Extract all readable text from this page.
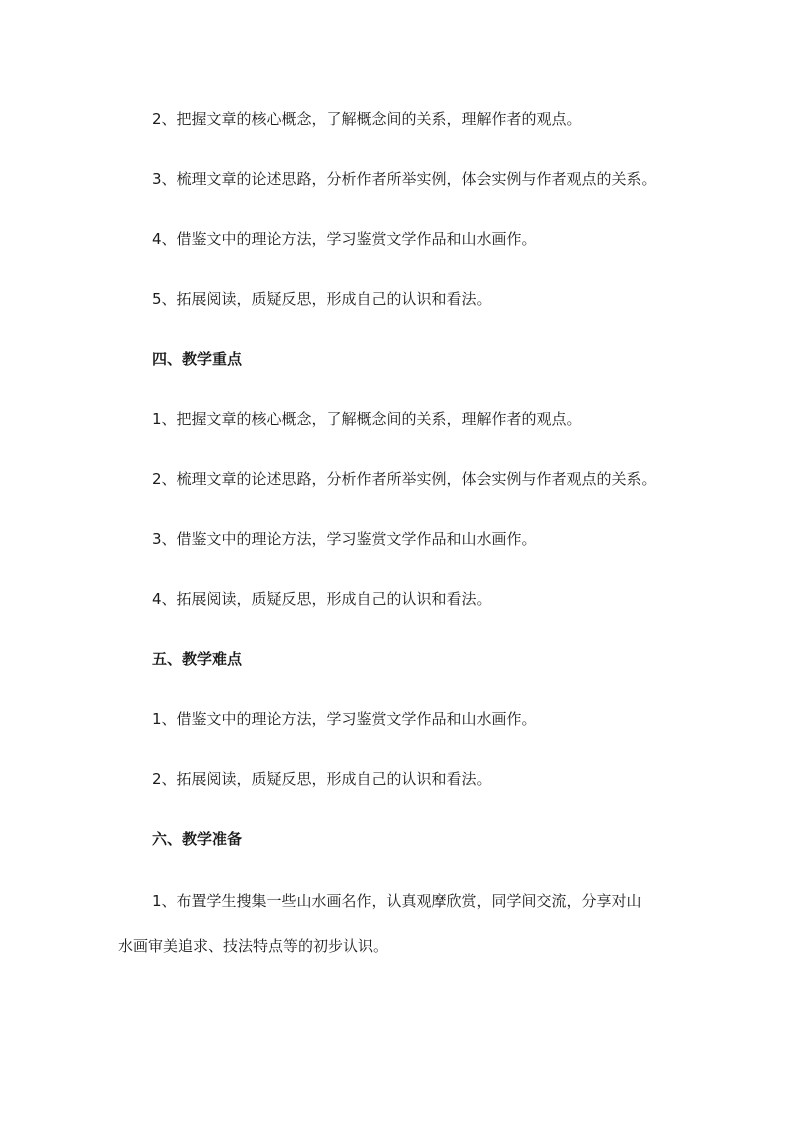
2、把握文章的核心概念，了解概念间的关系，理解作者的观点。
3、梳理文章的论述思路，分析作者所举实例，体会实例与作者观点的关系。
4、借鉴文中的理论方法，学习鉴赏文学作品和山水画作。
5、拓展阅读，质疑反思，形成自己的认识和看法。
四、教学重点
1、把握文章的核心概念，了解概念间的关系，理解作者的观点。
2、梳理文章的论述思路，分析作者所举实例，体会实例与作者观点的关系。
3、借鉴文中的理论方法，学习鉴赏文学作品和山水画作。
4、拓展阅读，质疑反思，形成自己的认识和看法。
五、教学难点
1、借鉴文中的理论方法，学习鉴赏文学作品和山水画作。
2、拓展阅读，质疑反思，形成自己的认识和看法。
六、教学准备
1、布置学生搜集一些山水画名作，认真观摩欣赏，同学间交流，分享对山
水画审美追求、技法特点等的初步认识。
